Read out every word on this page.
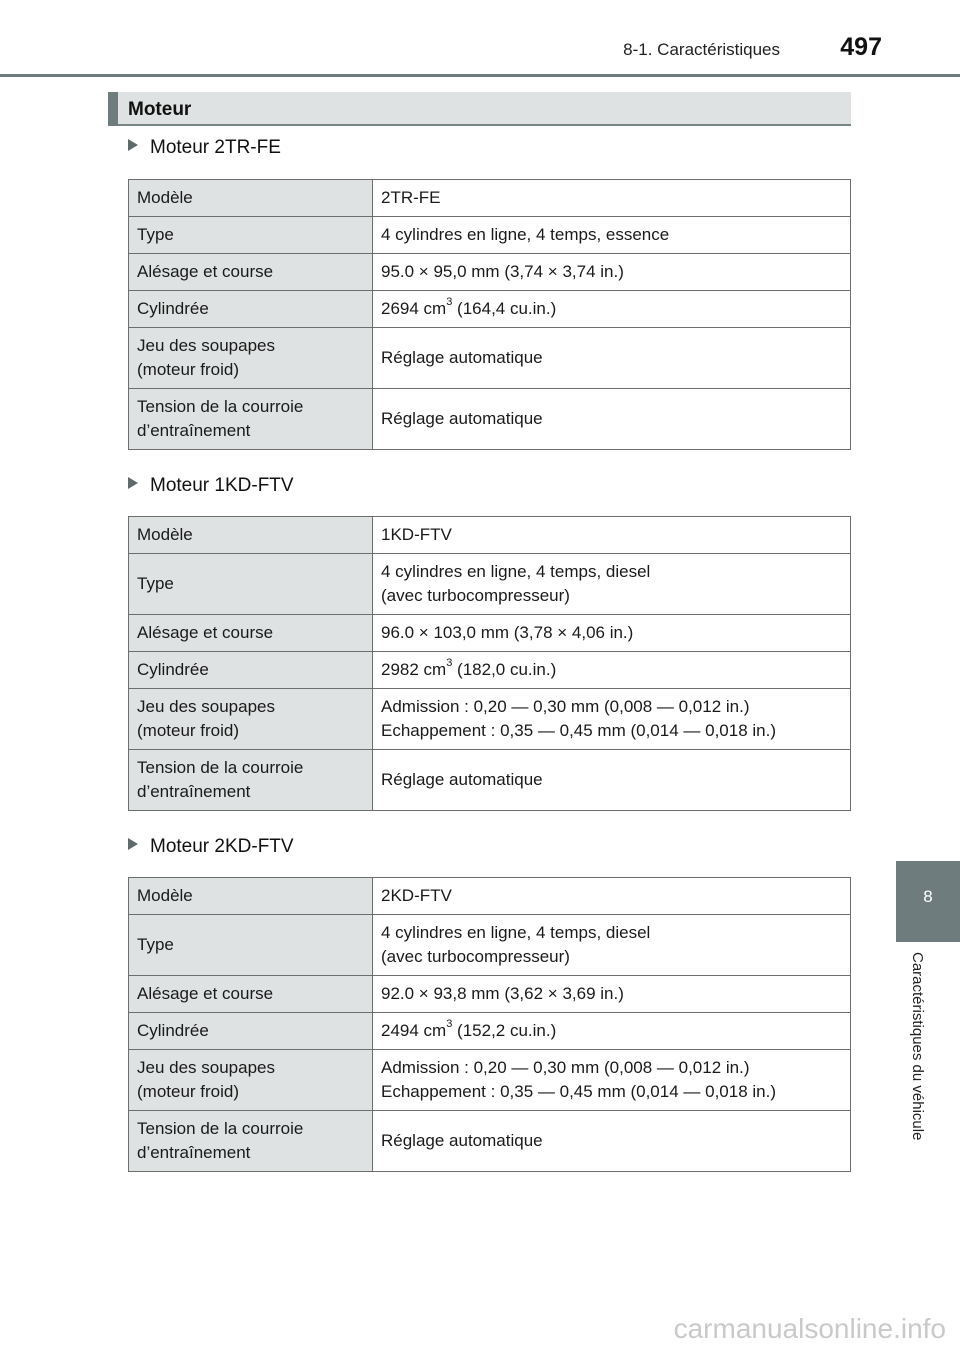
8-1. Caractéristiques 497
Moteur
Moteur 2TR-FE
Modèle	2TR-FE
Type	4 cylindres en ligne, 4 temps, essence
Alésage et course	95.0 × 95,0 mm (3,74 × 3,74 in.)
Cylindrée	2694 $cm^3$ (164,4 cu.in.)
Jeu des soupapes
(moteur froid)	Réglage automatique
Tension de la courroie
d’entraînement	Réglage automatique
Moteur 1KD-FTV
Modèle	1KD-FTV
Type	4 cylindres en ligne, 4 temps, diesel
(avec turbocompresseur)
Alésage et course	96.0 × 103,0 mm (3,78 × 4,06 in.)
Cylindrée	2982 $cm^3$ (182,0 cu.in.)
Jeu des soupapes
(moteur froid)	Admission : 0,20 — 0,30 mm (0,008 — 0,012 in.)
Echappement : 0,35 — 0,45 mm (0,014 — 0,018 in.)
Tension de la courroie
d’entraînement	Réglage automatique
Moteur 2KD-FTV
Modèle	2KD-FTV
Type	4 cylindres en ligne, 4 temps, diesel
(avec turbocompresseur)
Alésage et course	92.0 × 93,8 mm (3,62 × 3,69 in.)
Cylindrée	2494 $cm^3$ (152,2 cu.in.)
Jeu des soupapes
(moteur froid)	Admission : 0,20 — 0,30 mm (0,008 — 0,012 in.)
Echappement : 0,35 — 0,45 mm (0,014 — 0,018 in.)
Tension de la courroie
d’entraînement	Réglage automatique
8
Caractéristiques du véhicule
carmanualsonline.info
